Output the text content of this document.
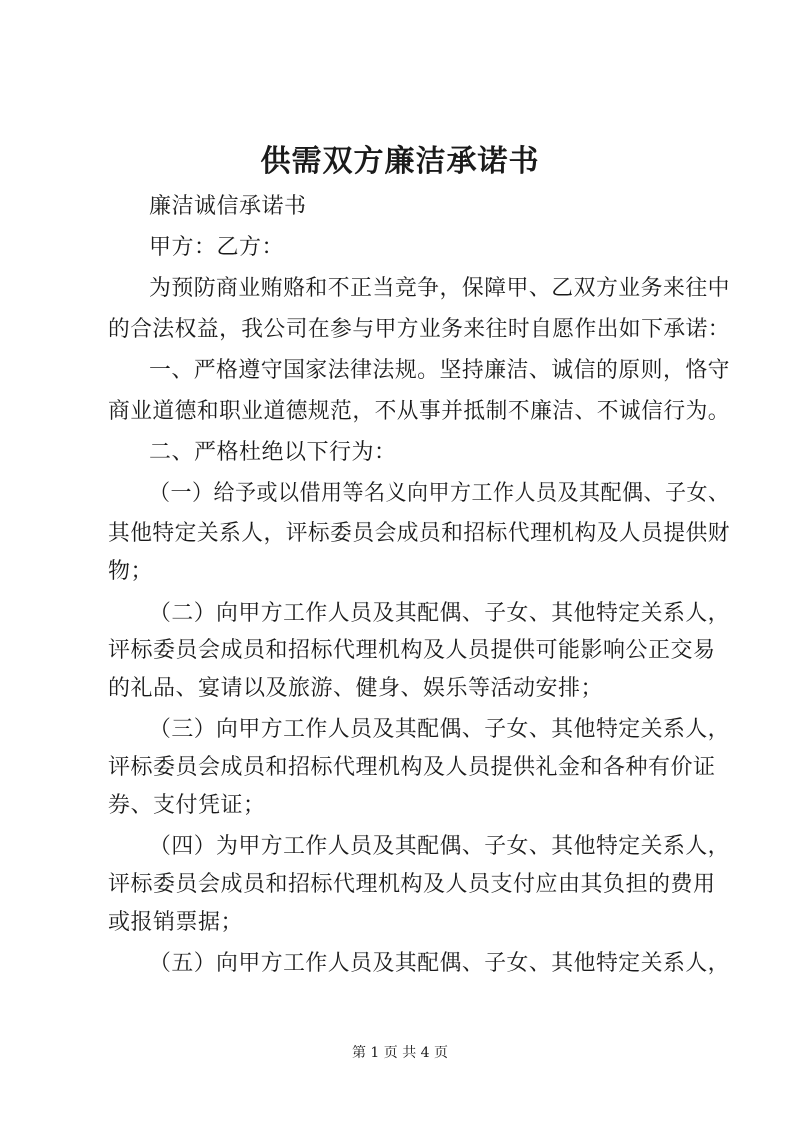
供需双方廉洁承诺书
廉洁诚信承诺书
甲方：乙方：
为预防商业贿赂和不正当竞争，保障甲、乙双方业务来往中
的合法权益，我公司在参与甲方业务来往时自愿作出如下承诺：
一、严格遵守国家法律法规。坚持廉洁、诚信的原则，恪守
商业道德和职业道德规范，不从事并抵制不廉洁、不诚信行为。
二、严格杜绝以下行为：
（一）给予或以借用等名义向甲方工作人员及其配偶、子女、
其他特定关系人，评标委员会成员和招标代理机构及人员提供财
物；
（二）向甲方工作人员及其配偶、子女、其他特定关系人，
评标委员会成员和招标代理机构及人员提供可能影响公正交易
的礼品、宴请以及旅游、健身、娱乐等活动安排；
（三）向甲方工作人员及其配偶、子女、其他特定关系人，
评标委员会成员和招标代理机构及人员提供礼金和各种有价证
券、支付凭证；
（四）为甲方工作人员及其配偶、子女、其他特定关系人，
评标委员会成员和招标代理机构及人员支付应由其负担的费用
或报销票据；
（五）向甲方工作人员及其配偶、子女、其他特定关系人，
第 1 页 共 4 页
